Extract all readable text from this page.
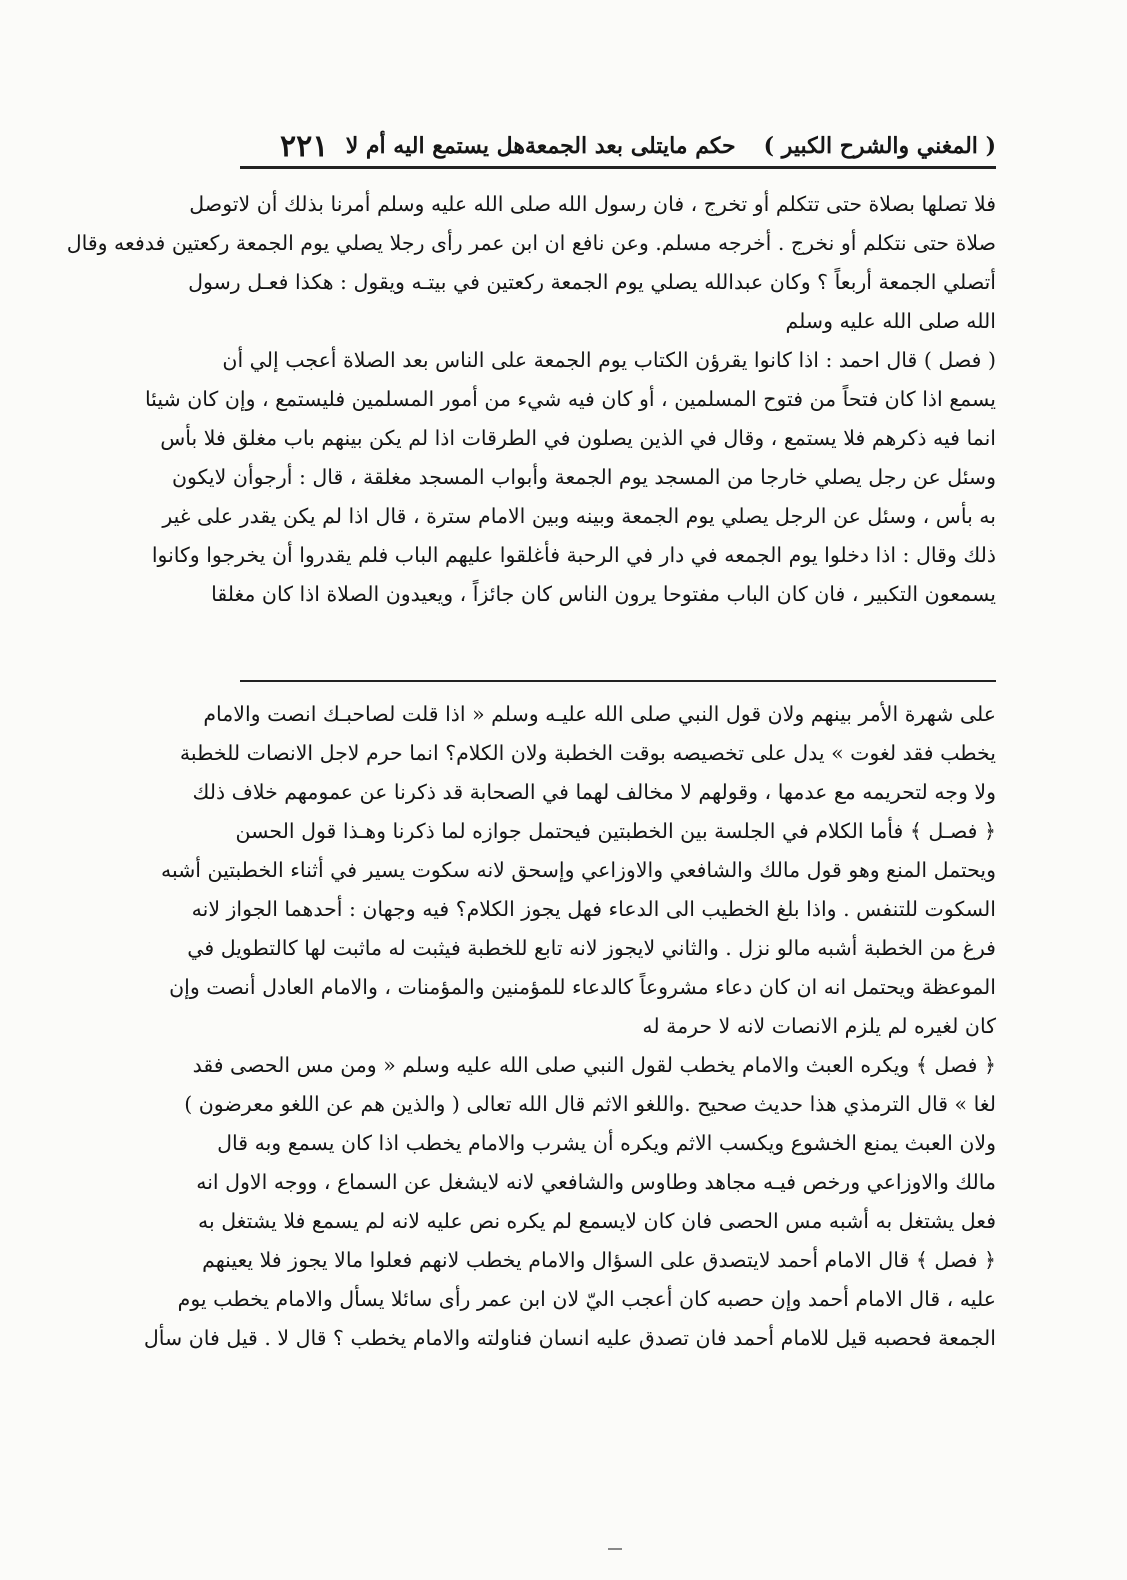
( المغني والشرح الكبير )
حكم مايتلى بعد الجمعةهل يستمع اليه أم لا
٢٢١
فلا تصلها بصلاة حتى تتكلم أو تخرج ، فان رسول الله صلى الله عليه وسلم أمرنا بذلك أن لاتوصل
صلاة حتى نتكلم أو نخرج . أخرجه مسلم. وعن نافع ان ابن عمر رأى رجلا يصلي يوم الجمعة ركعتين فدفعه وقال
أتصلي الجمعة أربعاً ؟ وكان عبدالله يصلي يوم الجمعة ركعتين في بيتـه ويقول : هكذا فعـل رسول
الله صلى الله عليه وسلم
( فصل ) قال احمد : اذا كانوا يقرؤن الكتاب يوم الجمعة على الناس بعد الصلاة أعجب إلي أن
يسمع اذا كان فتحاً من فتوح المسلمين ، أو كان فيه شيء من أمور المسلمين فليستمع ، وإن كان شيئا
انما فيه ذكرهم فلا يستمع ، وقال في الذين يصلون في الطرقات اذا لم يكن بينهم باب مغلق فلا بأس
وسئل عن رجل يصلي خارجا من المسجد يوم الجمعة وأبواب المسجد مغلقة ، قال : أرجوأن لايكون
به بأس ، وسئل عن الرجل يصلي يوم الجمعة وبينه وبين الامام سترة ، قال اذا لم يكن يقدر على غير
ذلك وقال : اذا دخلوا يوم الجمعه في دار في الرحبة فأغلقوا عليهم الباب فلم يقدروا أن يخرجوا وكانوا
يسمعون التكبير ، فان كان الباب مفتوحا يرون الناس كان جائزاً ، ويعيدون الصلاة اذا كان مغلقا
على شهرة الأمر بينهم ولان قول النبي صلى الله عليـه وسلم « اذا قلت لصاحبـك انصت والامام
يخطب فقد لغوت » يدل على تخصيصه بوقت الخطبة ولان الكلام؟ انما حرم لاجل الانصات للخطبة
ولا وجه لتحريمه مع عدمها ، وقولهم لا مخالف لهما في الصحابة قد ذكرنا عن عمومهم خلاف ذلك
﴿ فصـل ﴾ فأما الكلام في الجلسة بين الخطبتين فيحتمل جوازه لما ذكرنا وهـذا قول الحسن
ويحتمل المنع وهو قول مالك والشافعي والاوزاعي وإسحق لانه سكوت يسير في أثناء الخطبتين أشبه
السكوت للتنفس . واذا بلغ الخطيب الى الدعاء فهل يجوز الكلام؟ فيه وجهان : أحدهما الجواز لانه
فرغ من الخطبة أشبه مالو نزل . والثاني لايجوز لانه تابع للخطبة فيثبت له ماثبت لها كالتطويل في
الموعظة ويحتمل انه ان كان دعاء مشروعاً كالدعاء للمؤمنين والمؤمنات ، والامام العادل أنصت وإن
كان لغيره لم يلزم الانصات لانه لا حرمة له
﴿ فصل ﴾ ويكره العبث والامام يخطب لقول النبي صلى الله عليه وسلم « ومن مس الحصى فقد
لغا » قال الترمذي هذا حديث صحيح .واللغو الاثم قال الله تعالى ( والذين هم عن اللغو معرضون )
ولان العبث يمنع الخشوع ويكسب الاثم ويكره أن يشرب والامام يخطب اذا كان يسمع وبه قال
مالك والاوزاعي ورخص فيـه مجاهد وطاوس والشافعي لانه لايشغل عن السماع ، ووجه الاول انه
فعل يشتغل به أشبه مس الحصى فان كان لايسمع لم يكره نص عليه لانه لم يسمع فلا يشتغل به
﴿ فصل ﴾ قال الامام أحمد لايتصدق على السؤال والامام يخطب لانهم فعلوا مالا يجوز فلا يعينهم
عليه ، قال الامام أحمد وإن حصبه كان أعجب اليّ لان ابن عمر رأى سائلا يسأل والامام يخطب يوم
الجمعة فحصبه قيل للامام أحمد فان تصدق عليه انسان فناولته والامام يخطب ؟ قال لا . قيل فان سأل
